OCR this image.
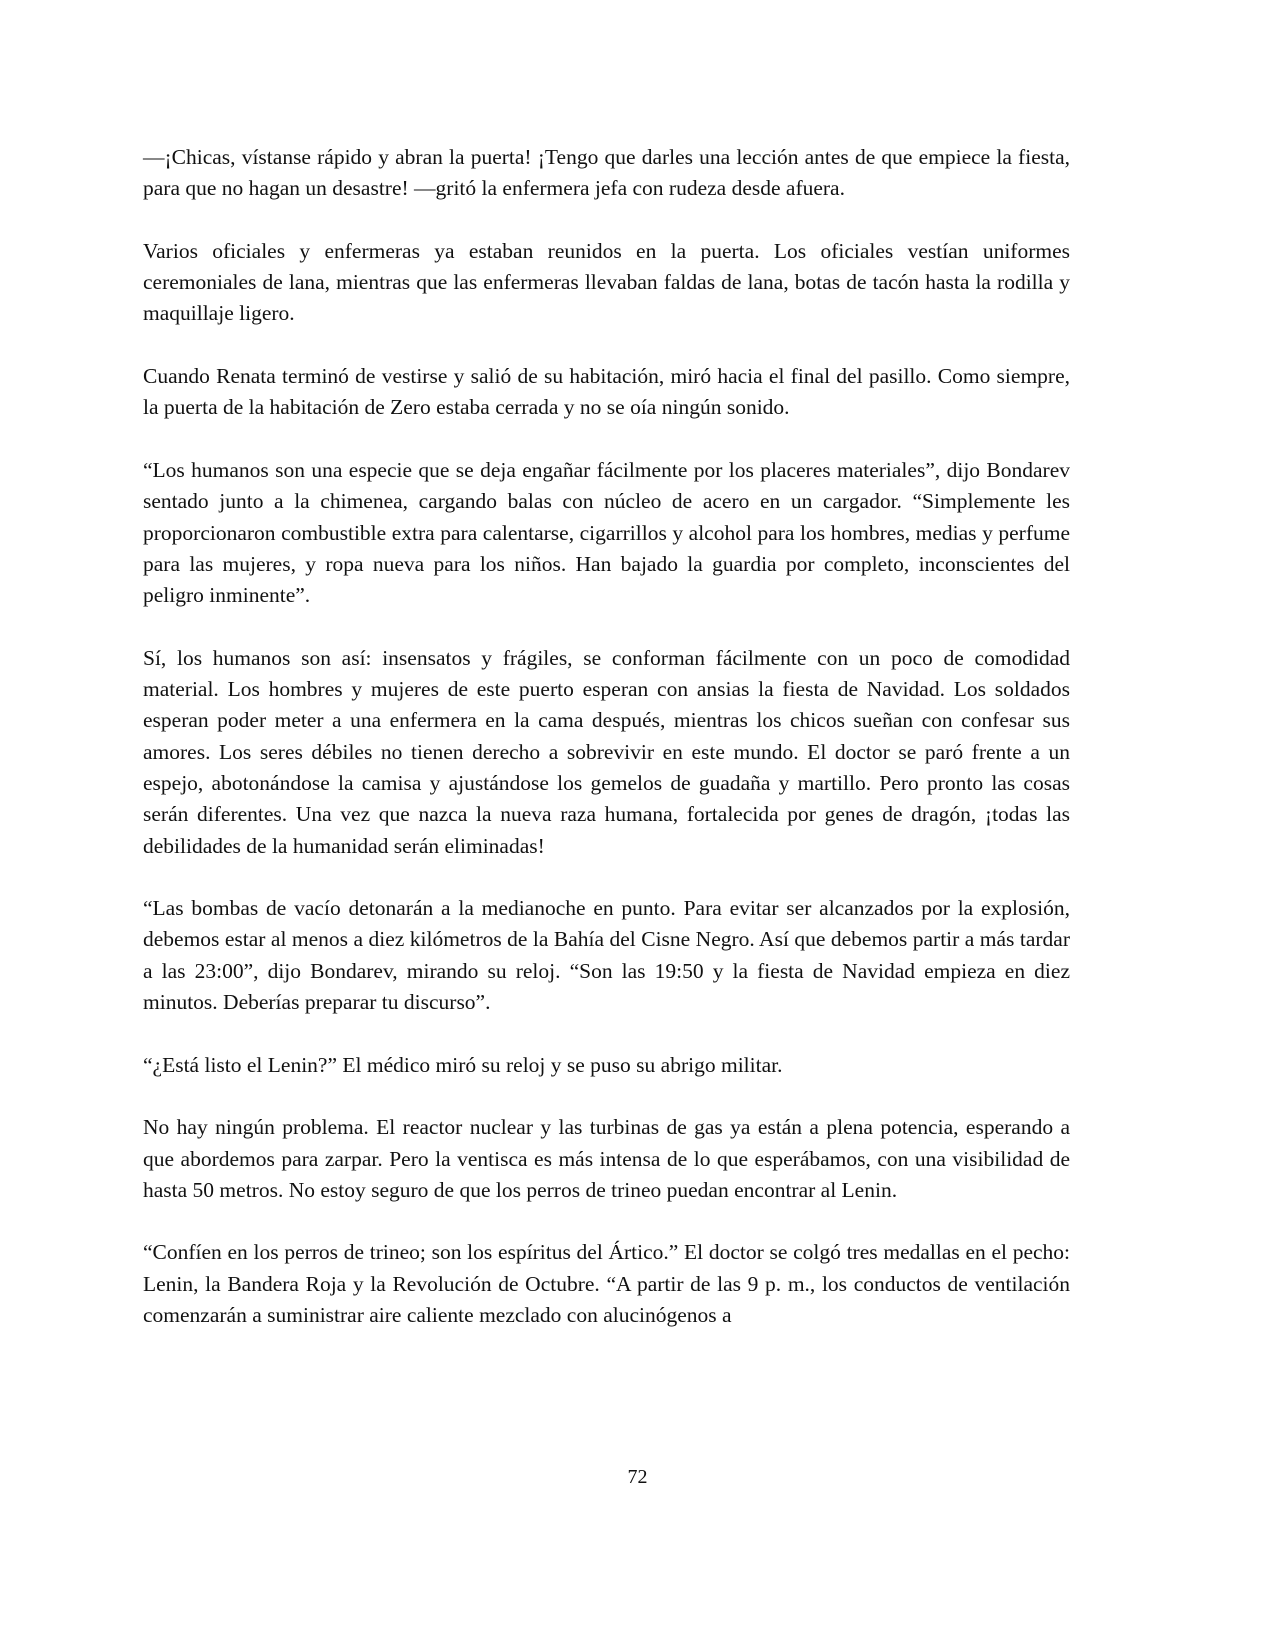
—¡Chicas, vístanse rápido y abran la puerta! ¡Tengo que darles una lección antes de que empiece la fiesta, para que no hagan un desastre! —gritó la enfermera jefa con rudeza desde afuera.

Varios oficiales y enfermeras ya estaban reunidos en la puerta. Los oficiales vestían uniformes ceremoniales de lana, mientras que las enfermeras llevaban faldas de lana, botas de tacón hasta la rodilla y maquillaje ligero.

Cuando Renata terminó de vestirse y salió de su habitación, miró hacia el final del pasillo. Como siempre, la puerta de la habitación de Zero estaba cerrada y no se oía ningún sonido.

“Los humanos son una especie que se deja engañar fácilmente por los placeres materiales”, dijo Bondarev sentado junto a la chimenea, cargando balas con núcleo de acero en un cargador. “Simplemente les proporcionaron combustible extra para calentarse, cigarrillos y alcohol para los hombres, medias y perfume para las mujeres, y ropa nueva para los niños. Han bajado la guardia por completo, inconscientes del peligro inminente”.

Sí, los humanos son así: insensatos y frágiles, se conforman fácilmente con un poco de comodidad material. Los hombres y mujeres de este puerto esperan con ansias la fiesta de Navidad. Los soldados esperan poder meter a una enfermera en la cama después, mientras los chicos sueñan con confesar sus amores. Los seres débiles no tienen derecho a sobrevivir en este mundo. El doctor se paró frente a un espejo, abotonándose la camisa y ajustándose los gemelos de guadaña y martillo. Pero pronto las cosas serán diferentes. Una vez que nazca la nueva raza humana, fortalecida por genes de dragón, ¡todas las debilidades de la humanidad serán eliminadas!

“Las bombas de vacío detonarán a la medianoche en punto. Para evitar ser alcanzados por la explosión, debemos estar al menos a diez kilómetros de la Bahía del Cisne Negro. Así que debemos partir a más tardar a las 23:00”, dijo Bondarev, mirando su reloj. “Son las 19:50 y la fiesta de Navidad empieza en diez minutos. Deberías preparar tu discurso”.

“¿Está listo el Lenin?” El médico miró su reloj y se puso su abrigo militar.

No hay ningún problema. El reactor nuclear y las turbinas de gas ya están a plena potencia, esperando a que abordemos para zarpar. Pero la ventisca es más intensa de lo que esperábamos, con una visibilidad de hasta 50 metros. No estoy seguro de que los perros de trineo puedan encontrar al Lenin.

“Confíen en los perros de trineo; son los espíritus del Ártico.” El doctor se colgó tres medallas en el pecho: Lenin, la Bandera Roja y la Revolución de Octubre. “A partir de las 9 p. m., los conductos de ventilación comenzarán a suministrar aire caliente mezclado con alucinógenos a

72
